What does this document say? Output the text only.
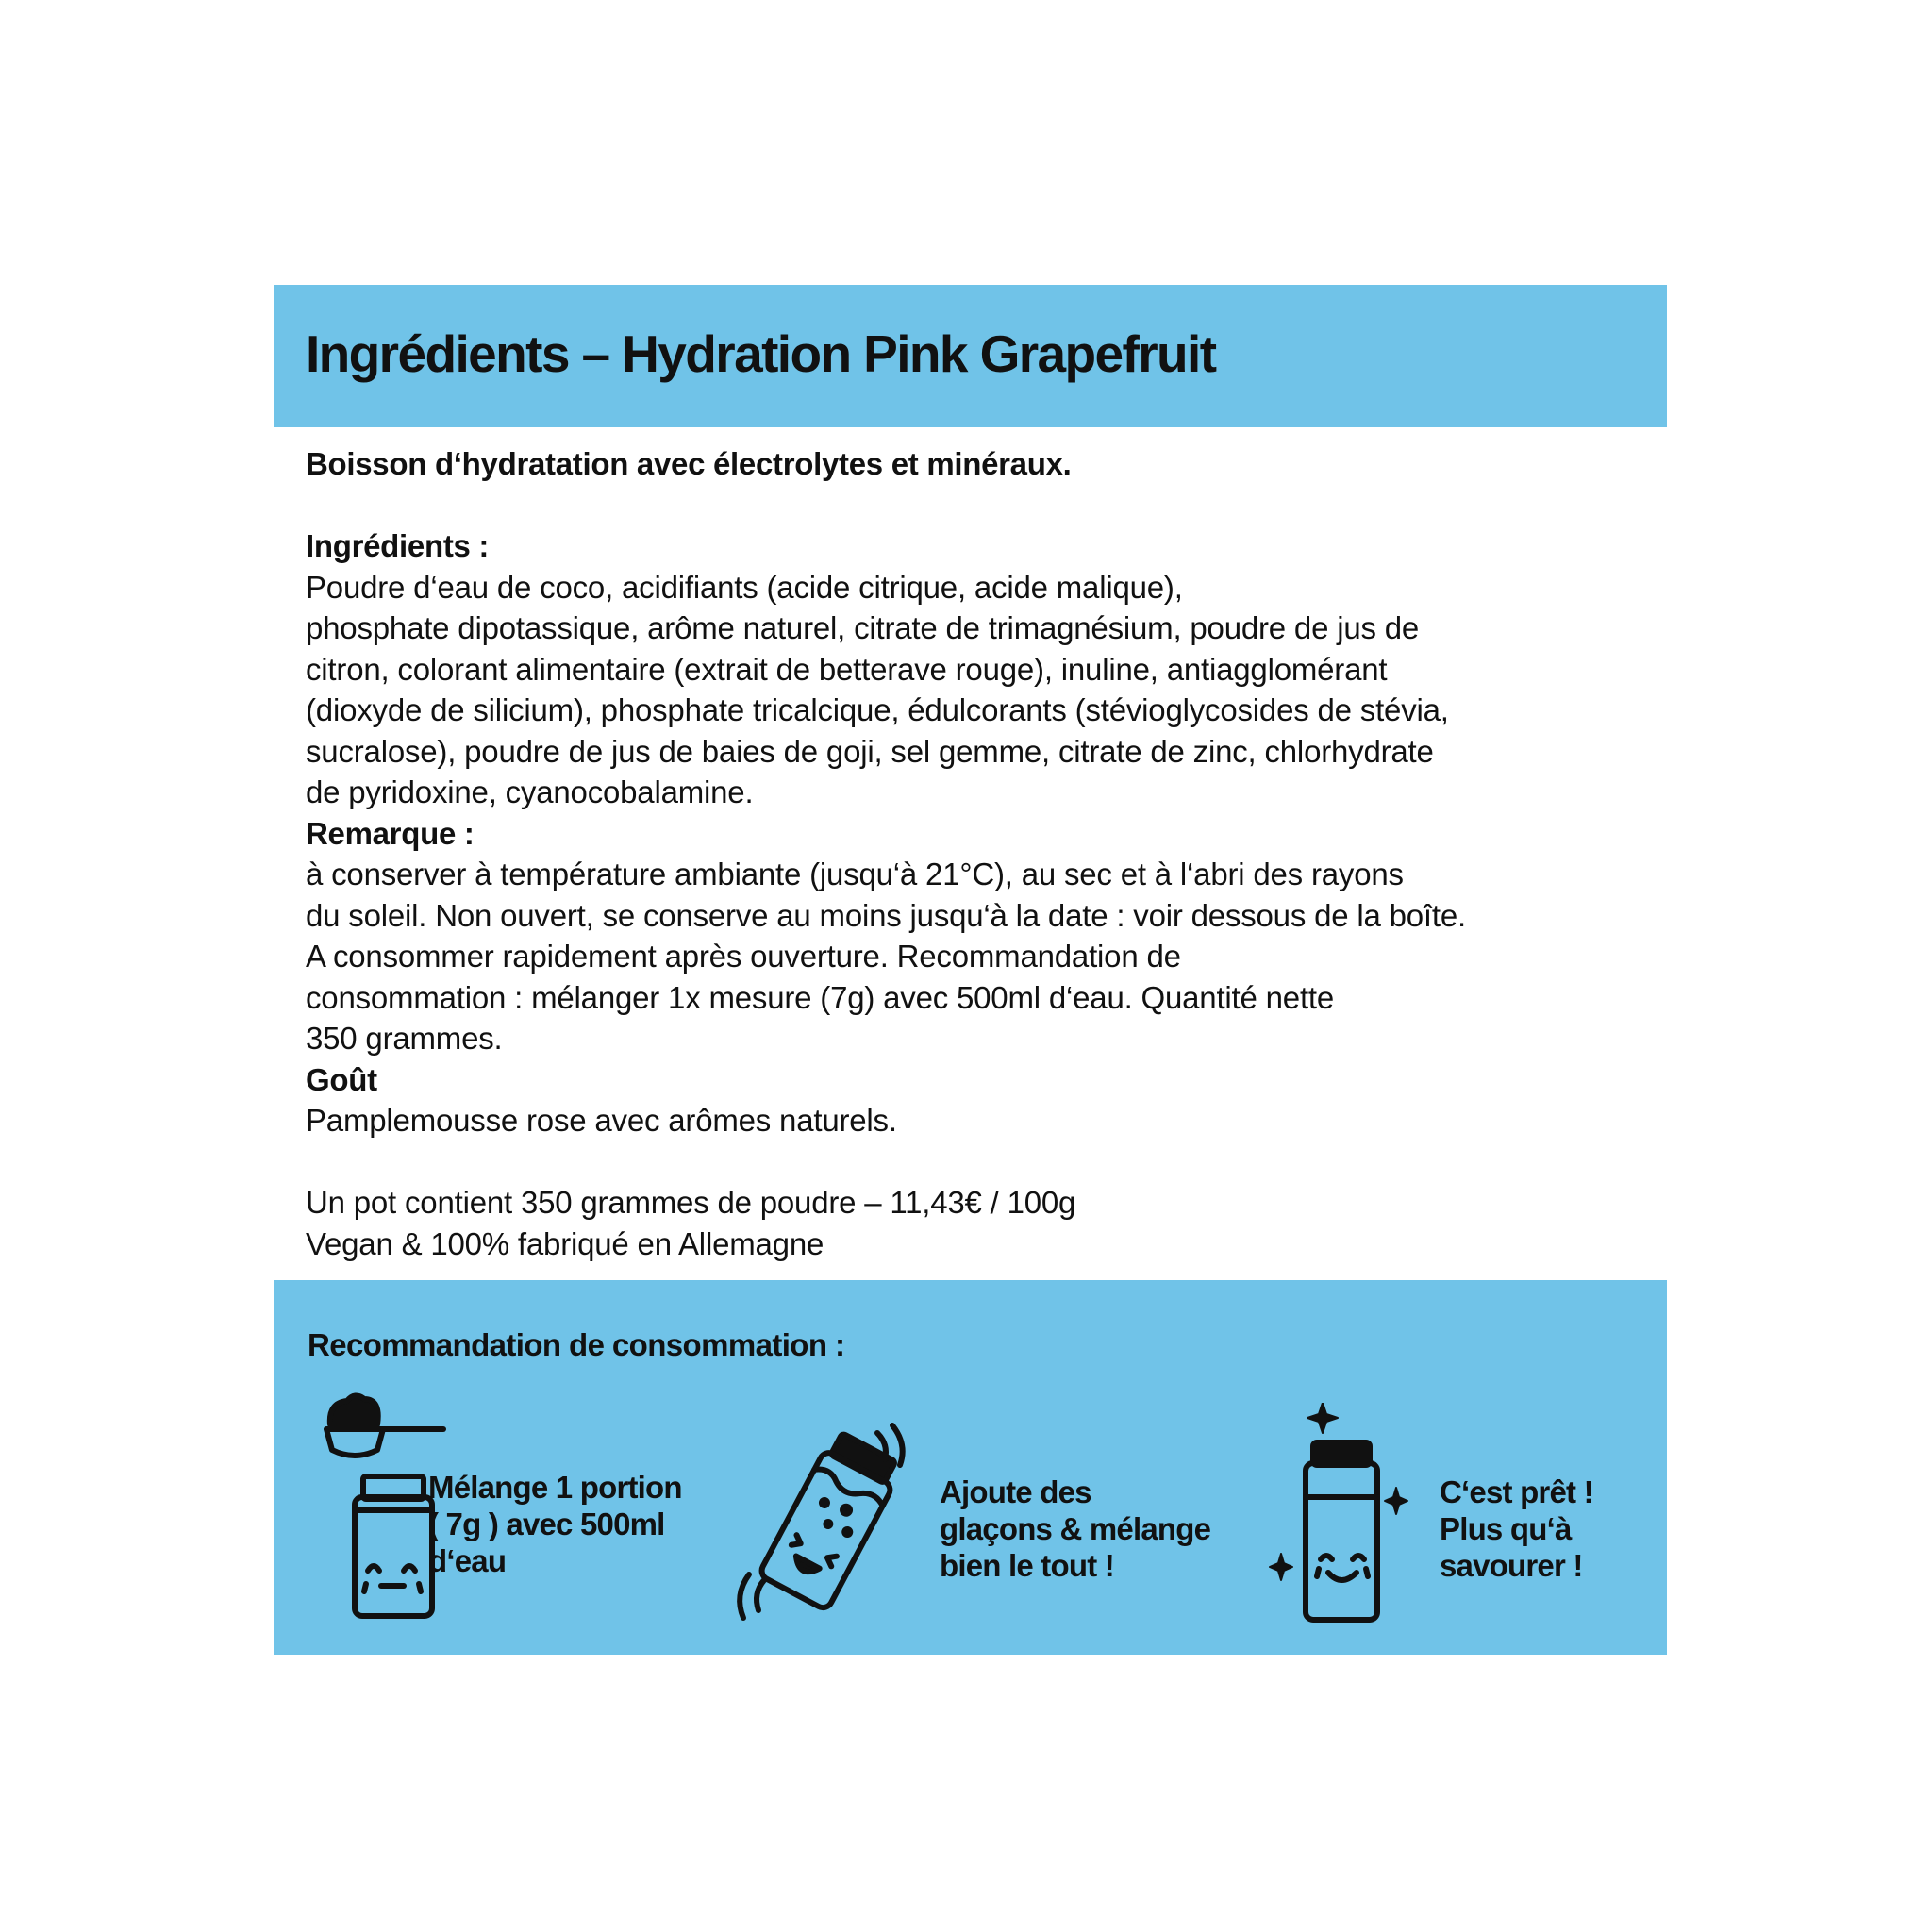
Ingrédients – Hydration Pink Grapefruit

Boisson d‘hydratation avec électrolytes et minéraux.

Ingrédients :

Poudre d‘eau de coco, acidifiants (acide citrique, acide malique),

phosphate dipotassique, arôme naturel, citrate de trimagnésium, poudre de jus de

citron, colorant alimentaire (extrait de betterave rouge), inuline, antiagglomérant

(dioxyde de silicium), phosphate tricalcique, édulcorants (stévioglycosides de stévia,

sucralose), poudre de jus de baies de goji, sel gemme, citrate de zinc, chlorhydrate

de pyridoxine, cyanocobalamine.

Remarque :

à conserver à température ambiante (jusqu‘à 21°C), au sec et à l‘abri des rayons

du soleil. Non ouvert, se conserve au moins jusqu‘à la date : voir dessous de la boîte.

A consommer rapidement après ouverture. Recommandation de

consommation : mélanger 1x mesure (7g) avec 500ml d‘eau. Quantité nette

350 grammes.

Goût

Pamplemousse rose avec arômes naturels.

Un pot contient 350 grammes de poudre – 11,43€ / 100g

Vegan & 100% fabriqué en Allemagne

Recommandation de consommation :

Mélange 1 portion
( 7g ) avec 500ml
d‘eau
Ajoute des
glaçons & mélange
bien le tout !
C‘est prêt !
Plus qu‘à
savourer !
